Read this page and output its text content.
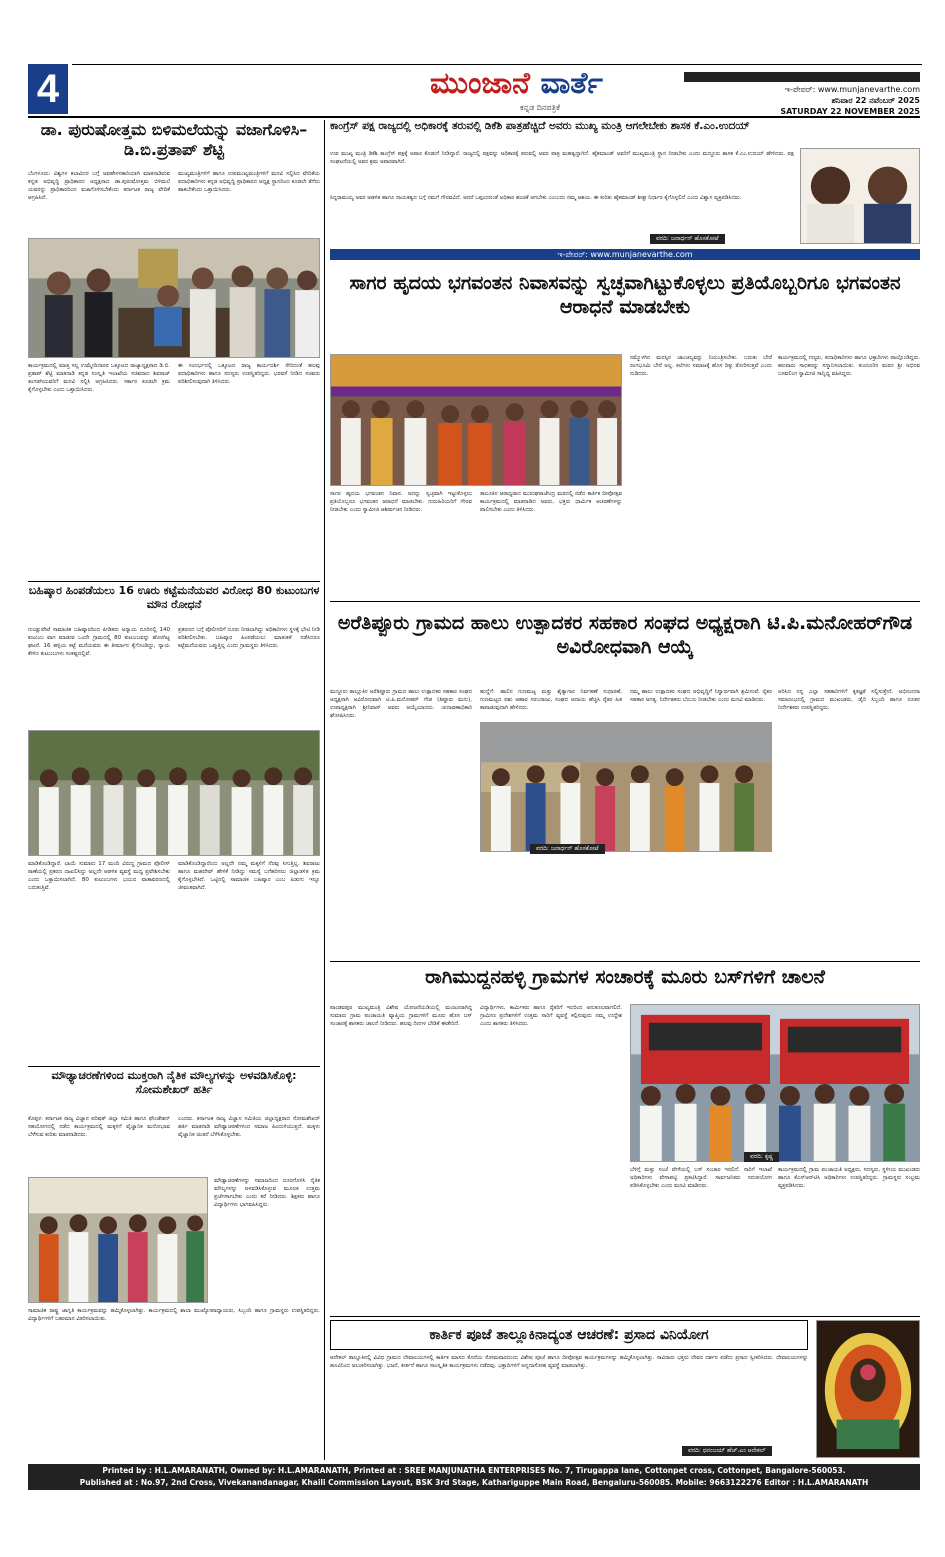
4	ಮುಂಜಾನೆ ವಾರ್ತೆ
ಕನ್ನಡ ದಿನಪತ್ರಿಕೆ
ಇ-ಪೇಪರ್: www.munjanevarthe.com
ಶನಿವಾರ 22 ನವೆಂಬರ್ 2025
SATURDAY 22 NOVEMBER 2025
ಡಾ. ಪುರುಷೋತ್ತಮ ಬಿಳಿಮಲೆಯನ್ನು ವಜಾಗೊಳಿಸಿ–ಡಿ.ಬಿ.ಪ್ರತಾಪ್ ಶೆಟ್ಟಿ

ಬೆಂಗಳೂರು: ವಿಶ್ವಗಳ ಕಲಾವಿದರ ಬಗ್ಗೆ ಅವಹೇಳನಕಾರಿಯಾಗಿ ಮಾತನಾಡಿರುವ ಕನ್ನಡ ಅಭಿವೃದ್ಧಿ ಪ್ರಾಧಿಕಾರದ ಅಧ್ಯಕ್ಷರಾದ ಡಾ.ಪುರುಷೋತ್ತಮ ಬಿಳಿಮಲೆ ಯವರನ್ನು ಪ್ರಾಧಿಕಾರದಿಂದ ವಜಾಗೊಳಿಸಬೇಕೆಂದು ಕರ್ನಾಟಕ ರಾಜ್ಯ ವೇದಿಕೆ ಆಗ್ರಹಿಸಿದೆ.

ಮುಖ್ಯಮಂತ್ರಿಗಳಿಗೆ ಹಾಗೂ ಉಪಮುಖ್ಯಮಂತ್ರಿಗಳಿಗೆ ಮನವಿ ಸಲ್ಲಿಸಿದ ವೇದಿಕೆಯ ಪದಾಧಿಕಾರಿಗಳು ಕನ್ನಡ ಅಭಿವೃದ್ಧಿ ಪ್ರಾಧಿಕಾರದ ಅಧ್ಯಕ್ಷ ಸ್ಥಾನದಿಂದ ಕೂಡಲೇ ತೆಗೆದು ಹಾಕಬೇಕೆಂದು ಒತ್ತಾಯಿಸಿದರು.

ಕಾರ್ಯಕ್ರಮದಲ್ಲಿ ಮಾತ್ತ ಸಲ್ಲ ಉಮ್ಮೇದಿದಾರರ ಒಕ್ಕೂಟದ ರಾಜ್ಯಾಧ್ಯಕ್ಷರಾದ ಡಿ.ಬಿ. ಪ್ರತಾಪ್ ಶೆಟ್ಟಿ ಮಾತನಾಡಿ ಕನ್ನಡ ಸಂಸ್ಕೃತಿ ಇಲಾಖೆಯ ಸಚಿವರಾದ ಶಿವರಾಜ್ ತಂಗಡಗಿಯವರಿಗೆ ಮನವಿ ಸಲ್ಲಿಸಿ ಆಗ್ರಹಿಸಿದರು. ಸರ್ಕಾರ ಕೂಡಲೇ ಕ್ರಮ ಕೈಗೊಳ್ಳಬೇಕು ಎಂದು ಒತ್ತಾಯಿಸಿದರು.

ಈ ಸಂದರ್ಭದಲ್ಲಿ ಒಕ್ಕೂಟದ ರಾಜ್ಯ ಕಾರ್ಯದರ್ಶಿ ಸೇರಿದಂತೆ ಹಲವು ಪದಾಧಿಕಾರಿಗಳು ಹಾಗೂ ಸದಸ್ಯರು ಉಪಸ್ಥಿತರಿದ್ದರು. ಭರವಸೆ ನೀಡಿದ ಸಚಿವರು ಪರಿಶೀಲಿಸುವುದಾಗಿ ತಿಳಿಸಿದರು.

ಕಾಂಗ್ರೆಸ್ ಪಕ್ಷ ರಾಜ್ಯದಲ್ಲಿ ಅಧಿಕಾರಕ್ಕೆ ತರುವಲ್ಲಿ ಡಿಕೆಶಿ ಪಾತ್ರಹೆಚ್ಚಿದೆ ಅವರು ಮುಖ್ಯ ಮಂತ್ರಿ ಆಗಲೇಬೇಕು ಶಾಸಕ ಕೆ.ಎಂ.ಉದಯ್

ಉಪ ಮುಖ್ಯ ಮಂತ್ರಿ ಡಿಕೆಶಿ ಕಾಂಗ್ರೆಸ್ ಪಕ್ಷಕ್ಕೆ ಅಪಾರ ಕೊಡುಗೆ ನೀಡಿದ್ದಾರೆ. ರಾಜ್ಯದಲ್ಲಿ ಪಕ್ಷವನ್ನು ಅಧಿಕಾರಕ್ಕೆ ತರುವಲ್ಲಿ ಅವರ ಪಾತ್ರ ಮಹತ್ವದ್ದಾಗಿದೆ. ಹೈಕಮಾಂಡ್ ಅವರಿಗೆ ಮುಖ್ಯಮಂತ್ರಿ ಸ್ಥಾನ ನೀಡಬೇಕು ಎಂದು ಮದ್ದೂರು ಶಾಸಕ ಕೆ.ಎಂ.ಉದಯ್ ಹೇಳಿದರು. ಪಕ್ಷ ಸಂಘಟನೆಯಲ್ಲಿ ಅವರ ಶ್ರಮ ಅಪಾರವಾಗಿದೆ.

ಸಿದ್ದರಾಮಯ್ಯ ಅವರ ಆಡಳಿತ ಹಾಗೂ ನಾಯಕತ್ವದ ಬಗ್ಗೆ ನಮಗೆ ಗೌರವವಿದೆ. ಆದರೆ ಒಪ್ಪಂದದಂತೆ ಅಧಿಕಾರ ಹಂಚಿಕೆ ಆಗಬೇಕು ಎಂಬುದು ನಮ್ಮ ಆಶಯ. ಈ ಕುರಿತು ಹೈಕಮಾಂಡ್ ಶೀಘ್ರ ನಿರ್ಧಾರ ಕೈಗೊಳ್ಳಲಿದೆ ಎಂದು ವಿಶ್ವಾಸ ವ್ಯಕ್ತಪಡಿಸಿದರು.

ವರದಿ: ಜನಾರ್ಧನ್ ಹೊಸಕೋಟೆ
ಇ-ಪೇಪರ್: www.munjanevarthe.com
ಸಾಗರ ಹೃದಯ ಭಗವಂತನ ನಿವಾಸವನ್ನು ಸ್ವಚ್ಛವಾಗಿಟ್ಟುಕೊಳ್ಳಲು ಪ್ರತಿಯೊಬ್ಬರಿಗೂ ಭಗವಂತನ ಆರಾಧನೆ ಮಾಡಬೇಕು

ಸಾಗರ ಹೃದಯ ಭಗವಂತನ ನಿವಾಸ. ಅದನ್ನು ಸ್ವಚ್ಛವಾಗಿ ಇಟ್ಟುಕೊಳ್ಳಲು ಪ್ರತಿಯೊಬ್ಬರೂ ಭಗವಂತನ ಆರಾಧನೆ ಮಾಡಬೇಕು. ಗುರುಹಿರಿಯರಿಗೆ ಗೌರವ ನೀಡಬೇಕು ಎಂದು ಸ್ವಾಮೀಜಿ ಆಶೀರ್ವಚನ ನೀಡಿದರು.

ತಾಲೂಕಿನ ಆರಾಧ್ಯರಾದ ಮುರುಘರಾಜೇಂದ್ರ ಮಠದಲ್ಲಿ ನಡೆದ ಕಾರ್ತಿಕ ದೀಪೋತ್ಸವ ಕಾರ್ಯಕ್ರಮದಲ್ಲಿ ಮಾತನಾಡಿದ ಅವರು, ಭಕ್ತರು ಧಾರ್ಮಿಕ ಆಚರಣೆಗಳನ್ನು ಪಾಲಿಸಬೇಕು ಎಂದು ತಿಳಿಸಿದರು.

ನಮ್ಮೊಳಗಿನ ಮನಸ್ಸಿನ ಚಾಂಚಲ್ಯವನ್ನು ನಿಯಂತ್ರಿಸಬೇಕು. ಬದುಕು ಬೇರೆ ರಂಗಭೂಮಿ ಬೇರೆ ಅಲ್ಲ. ಕಲೆಗಳು ಸಮಾಜಕ್ಕೆ ಹೊಸ ದಿಕ್ಕು ತೋರಿಸುತ್ತವೆ ಎಂದು ನುಡಿದರು.

ಕಾರ್ಯಕ್ರಮದಲ್ಲಿ ಗಣ್ಯರು, ಪದಾಧಿಕಾರಿಗಳು ಹಾಗೂ ಭಕ್ತಾದಿಗಳು ಪಾಲ್ಗೊಂಡಿದ್ದರು. ಹಲವಾರು ಸಾಧಕರನ್ನು ಸನ್ಮಾನಿಸಲಾಯಿತು. ಕುಂದೂರಿನ ಮಠದ ಶ್ರೀ ಅಭಿನವ ಬಸವಲಿಂಗ ಸ್ವಾಮೀಜಿ ಸಾನ್ನಿಧ್ಯ ವಹಿಸಿದ್ದರು.

ಬಹಿಷ್ಕಾರ ಹಿಂಪಡೆಯಲು 16 ಊರು ಕಟ್ಟೆಮನೆಯವರ ವಿರೋಧ 80 ಕುಟುಂಬಗಳ ಮೌನ ರೋಧನೆ

ಗುಂಡ್ಲುಪೇಟೆ ಸಾಮಾಜಿಕ ಬಹಿಷ್ಕಾರದಿಂದ ಪೀಡಿತರು ಅನ್ಯಾಯ ದೂರಿನಲ್ಲಿ 140 ಕುಟುಂಬ ವಾಗ ಮಾಡುವ ಒಂದೇ ಗ್ರಾಮದಲ್ಲಿ 80 ಕುಟುಂಬವನ್ನು ಹೊರಗಿಟ್ಟ ಘಟನೆ. 16 ಹಳ್ಳಿಯ ಕಟ್ಟೆ ಮನೆಯವರು ಈ ತೀರ್ಮಾನ ಕೈಗೊಂಡಿದ್ದು, ನ್ಯಾಯ ಕೇಳಿದ ಕುಟುಂಬಗಳು ಸಂಕಷ್ಟದಲ್ಲಿವೆ.

ಪ್ರಕರಣದ ಬಗ್ಗೆ ಪೊಲೀಸರಿಗೆ ದೂರು ನೀಡಲಾಗಿದ್ದು ಅಧಿಕಾರಿಗಳು ಸ್ಥಳಕ್ಕೆ ಭೇಟಿ ನೀಡಿ ಪರಿಶೀಲಿಸಬೇಕು. ಬಹಿಷ್ಕಾರ ಹಿಂಪಡೆಯಲು ಮಾತುಕತೆ ನಡೆಸಿದರೂ ಕಟ್ಟೆಮನೆಯವರು ಒಪ್ಪುತ್ತಿಲ್ಲ ಎಂದು ಗ್ರಾಮಸ್ಥರು ತಿಳಿಸಿದರು.

ಮಾಡಿಕೊಂಡಿದ್ದಾರೆ. ಛಾಯೆ ಸುಮಾರು 17 ಮಂದಿ ವಿರುದ್ಧ ಗ್ರಾಮದ ಪೊಲೀಸ್ ಠಾಣೆಯಲ್ಲಿ ಪ್ರಕರಣ ದಾಖಲಿಸಿದ್ದು ಅಲ್ಲದೇ ಆಡಳಿತ ವ್ಯವಸ್ಥೆ ಮಧ್ಯ ಪ್ರವೇಶಿಸಬೇಕು ಎಂದು ಒತ್ತಾಯಿಸಲಾಗಿದೆ. 80 ಕುಟುಂಬಗಳು ಭಯದ ವಾತಾವರಣದಲ್ಲಿ ಬದುಕುತ್ತಿವೆ.

ಮಾಡಿಕೊಂಡಿದ್ದಾರೆಂದು ಅಲ್ಲದೇ ನಮ್ಮ ಮಕ್ಕಳಿಗೆ ನೆರವು ಸಿಗುತ್ತಿಲ್ಲ. ಶಿವರಾಜು ಹಾಗೂ ಮಹದೇವ್ ಹೇಳಿಕೆ ನೀಡಿದ್ದು ಸಮಸ್ಯೆ ಬಗೆಹರಿಸಲು ಜಿಲ್ಲಾಡಳಿತ ಕ್ರಮ ಕೈಗೊಳ್ಳಬೇಕಿದೆ. ಒಟ್ಟಿನಲ್ಲಿ ಸಾಮಾಜಿಕ ಬಹಿಷ್ಕಾರ ಎಂಬ ಪಿಡುಗು ಇನ್ನೂ ಜೀವಂತವಾಗಿದೆ.

ಅರೆತಿಪ್ಪೂರು ಗ್ರಾಮದ ಹಾಲು ಉತ್ಪಾದಕರ ಸಹಕಾರ ಸಂಘದ ಅಧ್ಯಕ್ಷರಾಗಿ ಟಿ.ಪಿ.ಮನೋಹರ್‌ಗೌಡ ಅವಿರೋಧವಾಗಿ ಆಯ್ಕೆ

ಮದ್ದೂರು ತಾಲ್ಲೂಕಿನ ಅರೆತಿಪ್ಪೂರು ಗ್ರಾಮದ ಹಾಲು ಉತ್ಪಾದಕರ ಸಹಕಾರ ಸಂಘದ ಅಧ್ಯಕ್ಷರಾಗಿ ಅವಿರೋಧವಾಗಿ ಟಿ.ಪಿ.ಮನೋಹರ್ ಗೌಡ (ತಿಪ್ಪೂರು ಮನು), ಉಪಾಧ್ಯಕ್ಷರಾಗಿ ಶ್ರೀನಿವಾಸ್ ಅವರು ಆಯ್ಕೆಯಾದರು. ಚುನಾವಣಾಧಿಕಾರಿ ಘೋಷಿಸಿದರು.

ಹುದ್ದೆಗೆ: ಹಾಲಿನ ಗುಣಮಟ್ಟ ಮತ್ತು ಶೈತ್ಯಾಗಾರ ನಿರ್ವಹಣೆ ಸುಧಾರಣೆ, ಗುಣಮಟ್ಟದ ಪಶು ಆಹಾರ ಸರಬರಾಜು, ಸಂಘದ ಆದಾಯ ಹೆಚ್ಚಿಸಿ ರೈತರ ಹಿತ ಕಾಪಾಡುವುದಾಗಿ ಹೇಳಿದರು.

ನಮ್ಮ ಹಾಲು ಉತ್ಪಾದಕರ ಸಂಘದ ಅಭಿವೃದ್ಧಿಗೆ ನಿಸ್ವಾರ್ಥವಾಗಿ ಶ್ರಮಿಸುವೆ. ರೈತರ ಸಹಕಾರ ಅಗತ್ಯ. ನಿರ್ದೇಶಕರು ಬೆಂಬಲ ನೀಡಬೇಕು ಎಂದು ಮನವಿ ಮಾಡಿದರು.

ವರದಿ: ಜನಾರ್ಧನ್ ಹೊಸಕೋಟೆ

ಆರಿಸಿದ ನನ್ನ ಎಲ್ಲಾ ಸಹಕಾರಿಗಳಿಗೆ ಕೃತಜ್ಞತೆ ಸಲ್ಲಿಸುತ್ತೇನೆ. ಅಭಿನಂದನಾ ಸಮಾರಂಭದಲ್ಲಿ ಗ್ರಾಮದ ಮುಖಂಡರು, ಡೈರಿ ಸಿಬ್ಬಂದಿ ಹಾಗೂ ನೂತನ ನಿರ್ದೇಶಕರು ಉಪಸ್ಥಿತರಿದ್ದರು.

ರಾಗಿಮುದ್ದನಹಳ್ಳಿ ಗ್ರಾಮಗಳ ಸಂಚಾರಕ್ಕೆ ಮೂರು ಬಸ್‌ಗಳಿಗೆ ಚಾಲನೆ

ಪಾಂಡವಪುರ ಮುಖ್ಯಮಂತ್ರಿ ವಿಶೇಷ ಯೋಜನೆಯಡಿಯಲ್ಲಿ ಮಂಜೂರಾಗಿದ್ದ ಸುಮಾರು ಗ್ರಾಮ ಪಂಚಾಯತಿ ವ್ಯಾಪ್ತಿಯ ಗ್ರಾಮಗಳಿಗೆ ಮೂರು ಹೊಸ ಬಸ್ ಸಂಚಾರಕ್ಕೆ ಶಾಸಕರು ಚಾಲನೆ ನೀಡಿದರು. ಹಲವು ದಿನಗಳ ಬೇಡಿಕೆ ಈಡೇರಿದೆ.

ವಿದ್ಯಾರ್ಥಿಗಳು, ಕಾರ್ಮಿಕರು ಹಾಗೂ ರೈತರಿಗೆ ಇದರಿಂದ ಅನುಕೂಲವಾಗಲಿದೆ. ಗ್ರಾಮೀಣ ಪ್ರದೇಶಗಳಿಗೆ ಉತ್ತಮ ಸಾರಿಗೆ ವ್ಯವಸ್ಥೆ ಕಲ್ಪಿಸುವುದು ನಮ್ಮ ಉದ್ದೇಶ ಎಂದು ಶಾಸಕರು ತಿಳಿಸಿದರು.

ವರದಿ: ಕೃಷ್ಣ

ಬೆಳಿಗ್ಗೆ ಮತ್ತು ಸಂಜೆ ವೇಳೆಯಲ್ಲಿ ಬಸ್ ಸಂಚಾರ ಇರಲಿದೆ. ಸಾರಿಗೆ ಇಲಾಖೆ ಅಧಿಕಾರಿಗಳು ವೇಳಾಪಟ್ಟಿ ಪ್ರಕಟಿಸಿದ್ದಾರೆ. ಸಾರ್ವಜನಿಕರು ಸದುಪಯೋಗ ಪಡಿಸಿಕೊಳ್ಳಬೇಕು ಎಂದು ಮನವಿ ಮಾಡಿದರು.

ಕಾರ್ಯಕ್ರಮದಲ್ಲಿ ಗ್ರಾಮ ಪಂಚಾಯತಿ ಅಧ್ಯಕ್ಷರು, ಸದಸ್ಯರು, ಸ್ಥಳೀಯ ಮುಖಂಡರು ಹಾಗೂ ಕೆಎಸ್‌ಆರ್‌ಟಿಸಿ ಅಧಿಕಾರಿಗಳು ಉಪಸ್ಥಿತರಿದ್ದರು. ಗ್ರಾಮಸ್ಥರು ಸಂಭ್ರಮ ವ್ಯಕ್ತಪಡಿಸಿದರು.

ಮೌಢ್ಯಾಚರಣೆಗಳಿಂದ ಮುಕ್ತರಾಗಿ ನೈತಿಕ ಮೌಲ್ಯಗಳನ್ನು ಅಳವಡಿಸಿಕೊಳ್ಳಿ: ಸೋಮಶೇಖರ್ ಹರ್ತಿ

ಕೊಪ್ಪಳ: ಕರ್ನಾಟಕ ರಾಜ್ಯ ವಿಜ್ಞಾನ ಪರಿಷತ್ ಜಿಲ್ಲಾ ಸಮಿತಿ ಹಾಗೂ ಫೌಂಡೇಶನ್ ಸಹಯೋಗದಲ್ಲಿ ನಡೆದ ಕಾರ್ಯಕ್ರಮದಲ್ಲಿ ಮಕ್ಕಳಿಗೆ ವೈಜ್ಞಾನಿಕ ಮನೋಭಾವ ಬೆಳೆಸುವ ಕುರಿತು ಮಾತನಾಡಿದರು.

ಎಂದರು. ಕರ್ನಾಟಕ ರಾಜ್ಯ ವಿಜ್ಞಾನ ಸಮಿತಿಯ ಜಿಲ್ಲಾಧ್ಯಕ್ಷರಾದ ಸೋಮಶೇಖರ್ ಹರ್ತಿ ಮಾತನಾಡಿ ಮೌಢ್ಯಾಚರಣೆಗಳಿಂದ ಸಮಾಜ ಹಿಂದುಳಿಯುತ್ತದೆ. ಮಕ್ಕಳು ವೈಜ್ಞಾನಿಕ ಚಿಂತನೆ ಬೆಳೆಸಿಕೊಳ್ಳಬೇಕು.

ಮೌಢ್ಯಾಚರಣೆಗಳನ್ನು ಸಮಾಜದಿಂದ ದೂರಗೊಳಿಸಿ ನೈತಿಕ ಮೌಲ್ಯಗಳನ್ನು ಅಳವಡಿಸಿಕೊಳ್ಳುವ ಮೂಲಕ ಉತ್ತಮ ಪ್ರಜೆಗಳಾಗಬೇಕು ಎಂದು ಕರೆ ನೀಡಿದರು. ಶಿಕ್ಷಕರು ಹಾಗೂ ವಿದ್ಯಾರ್ಥಿಗಳು ಭಾಗವಹಿಸಿದ್ದರು.

ಸಾಮಾಜಿಕ ರಾಷ್ಟ್ರ ಜಾಗೃತಿ ಕಾರ್ಯಕ್ರಮವನ್ನು ಹಮ್ಮಿಕೊಳ್ಳಲಾಗಿತ್ತು. ಕಾರ್ಯಕ್ರಮದಲ್ಲಿ ಶಾಲಾ ಮುಖ್ಯೋಪಾಧ್ಯಾಯರು, ಸಿಬ್ಬಂದಿ ಹಾಗೂ ಗ್ರಾಮಸ್ಥರು ಉಪಸ್ಥಿತರಿದ್ದರು. ವಿದ್ಯಾರ್ಥಿಗಳಿಗೆ ಬಹುಮಾನ ವಿತರಿಸಲಾಯಿತು.

ಕಾರ್ತಿಕ ಪೂಜೆ ತಾಲ್ಲೂಕಿನಾದ್ಯಂತ ಆಚರಣೆ: ಪ್ರಸಾದ ವಿನಿಯೋಗ

ಆನೇಕಲ್ ತಾಲ್ಲೂಕಿನಲ್ಲಿ ವಿವಿಧ ಗ್ರಾಮದ ದೇವಾಲಯಗಳಲ್ಲಿ ಕಾರ್ತಿಕ ಮಾಸದ ಕೊನೆಯ ಸೋಮವಾರದಂದು ವಿಶೇಷ ಪೂಜೆ ಹಾಗೂ ದೀಪೋತ್ಸವ ಕಾರ್ಯಕ್ರಮಗಳನ್ನು ಹಮ್ಮಿಕೊಳ್ಳಲಾಗಿತ್ತು. ಸಾವಿರಾರು ಭಕ್ತರು ದೇವರ ದರ್ಶನ ಪಡೆದು ಪ್ರಸಾದ ಸ್ವೀಕರಿಸಿದರು. ದೇವಾಲಯಗಳನ್ನು ಹೂವಿನಿಂದ ಅಲಂಕರಿಸಲಾಗಿತ್ತು. ಭಜನೆ, ಕೀರ್ತನೆ ಹಾಗೂ ಸಾಂಸ್ಕೃತಿಕ ಕಾರ್ಯಕ್ರಮಗಳು ನಡೆದವು. ಭಕ್ತಾದಿಗಳಿಗೆ ಅನ್ನದಾಸೋಹ ವ್ಯವಸ್ಥೆ ಮಾಡಲಾಗಿತ್ತು.

ವರದಿ: ಧನಂಜಯ್ ಹೆಚ್.ಎಂ ಆನೇಕಲ್
Printed by : H.L.AMARANATH, Owned by: H.L.AMARANATH, Printed at : SREE MANJUNATHA ENTERPRISES No. 7, Tirugappa lane, Cottonpet cross, Cottonpet, Bangalore-560053.
Published at : No.97, 2nd Cross, Vivekanandanagar, Khaili Commission Layout, BSK 3rd Stage, Kathariguppe Main Road, Bengaluru-560085. Mobile: 9663122276 Editor : H.L.AMARANATH
